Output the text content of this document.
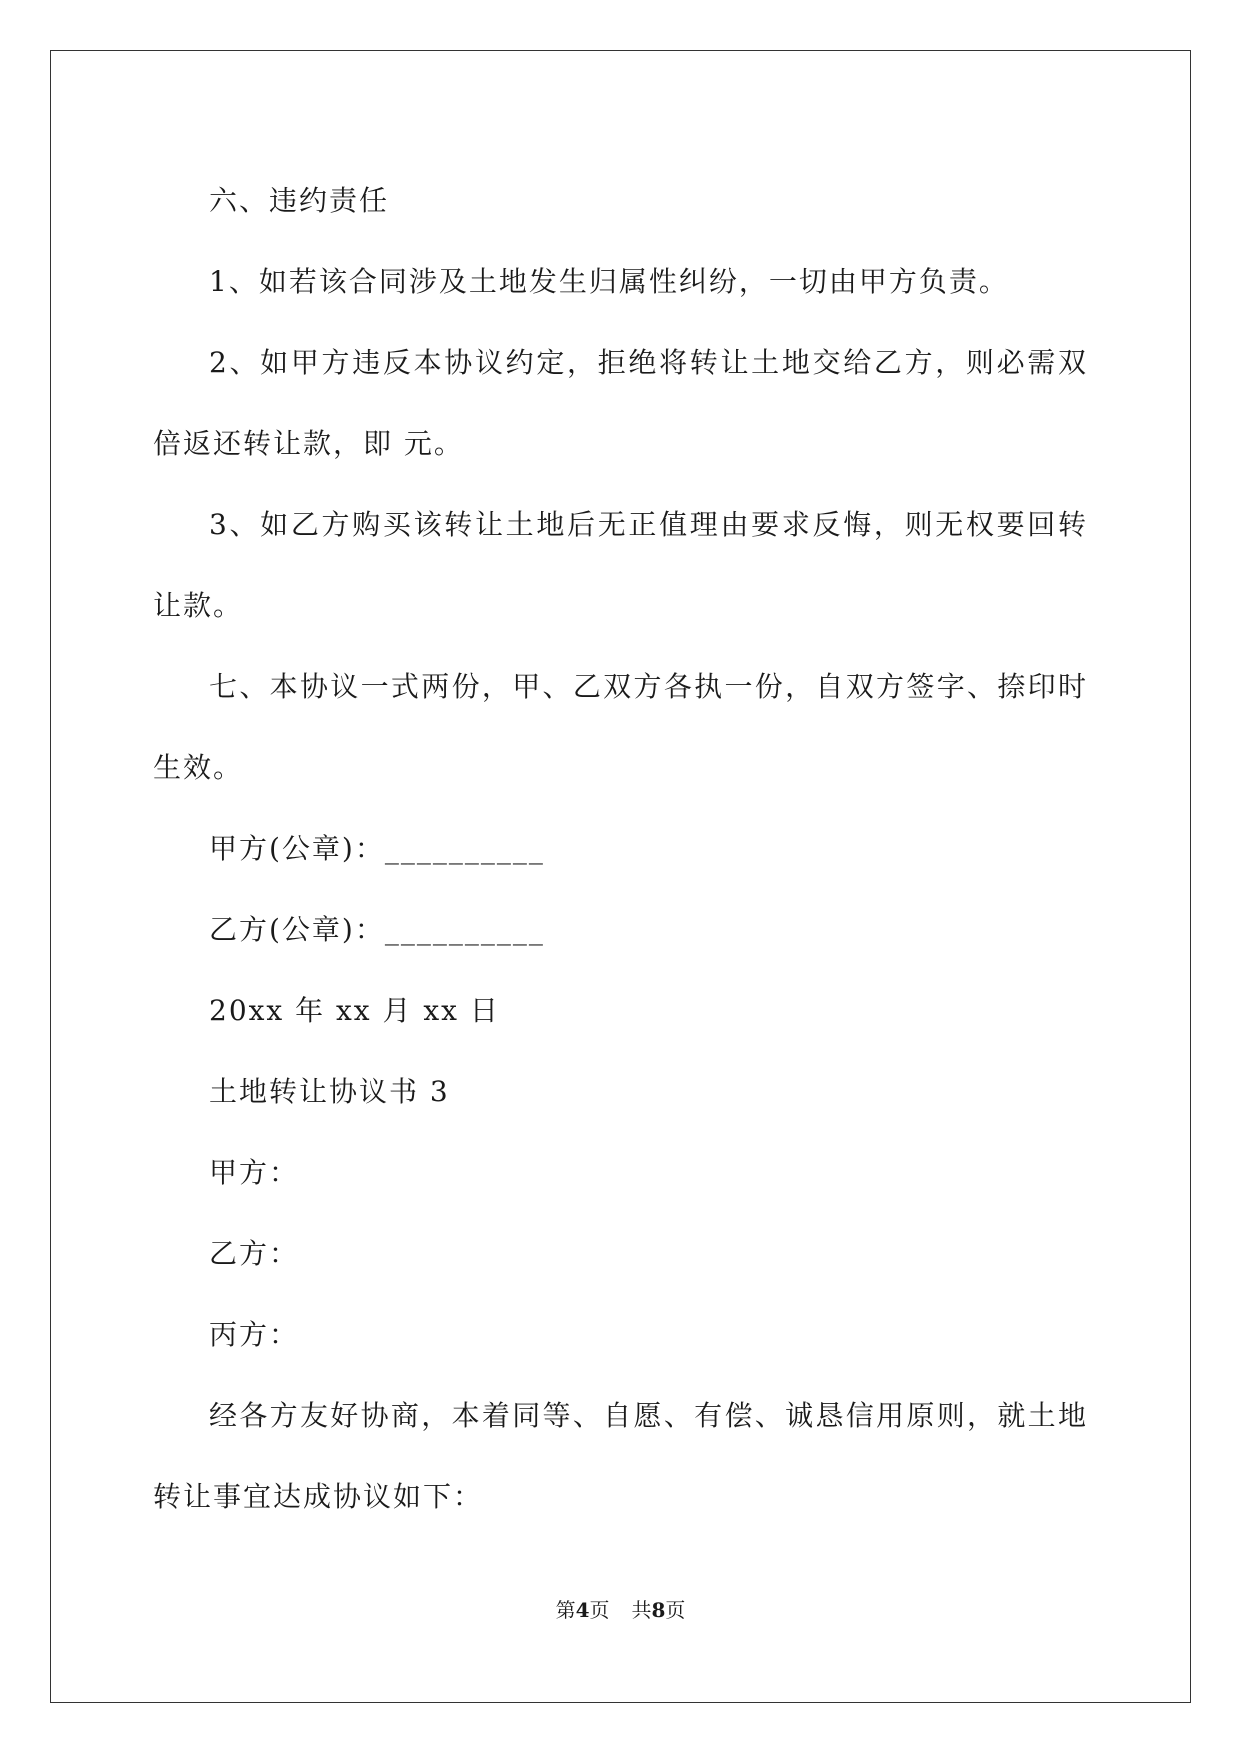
六、违约责任

1、如若该合同涉及土地发生归属性纠纷，一切由甲方负责。

2、如甲方违反本协议约定，拒绝将转让土地交给乙方，则必需双倍返还转让款，即 元。

3、如乙方购买该转让土地后无正值理由要求反悔，则无权要回转让款。

七、本协议一式两份，甲、乙双方各执一份，自双方签字、捺印时生效。

甲方(公章)：__________

乙方(公章)：__________

20xx 年 xx 月 xx 日

土地转让协议书 3

甲方：

乙方：

丙方：

经各方友好协商，本着同等、自愿、有偿、诚恳信用原则，就土地转让事宜达成协议如下：

第4页 共8页
